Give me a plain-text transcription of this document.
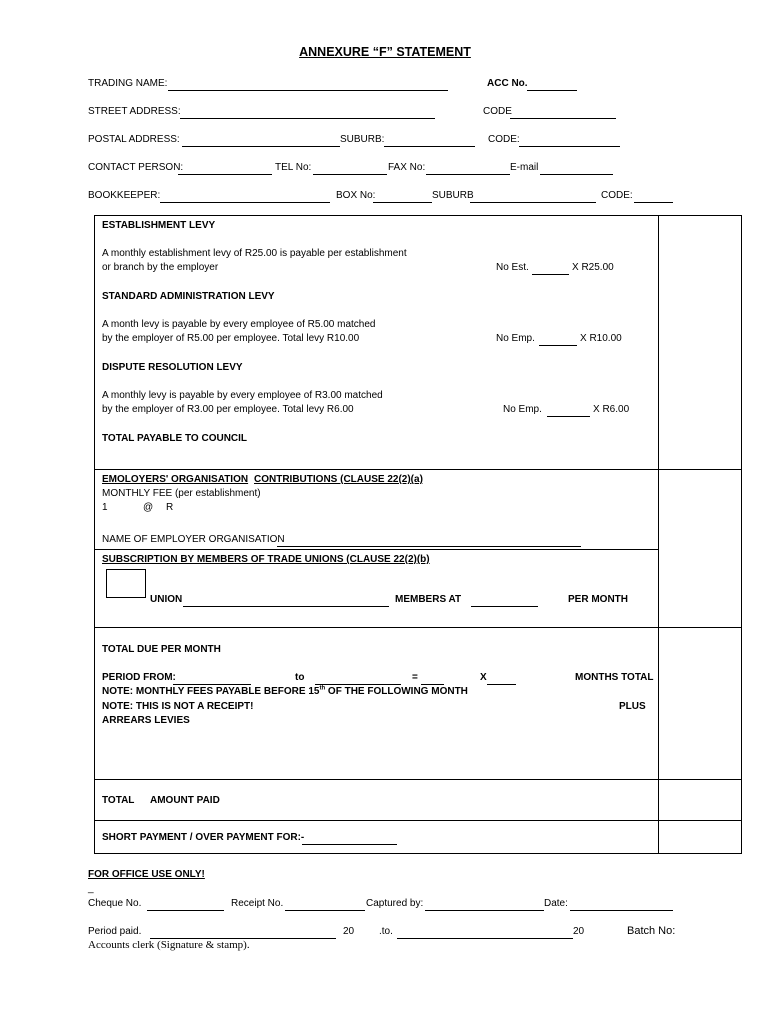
ANNEXURE “F” STATEMENT
TRADING NAME:	ACC No.
STREET ADDRESS:	CODE
POSTAL ADDRESS:	SUBURB:	CODE:
CONTACT PERSON:	TEL No:	FAX No:	E-mail
BOOKKEEPER:	BOX No:	SUBURB	CODE:
ESTABLISHMENT LEVY
A monthly establishment levy of R25.00 is payable per establishment
or branch by the employer	No Est.	X R25.00
STANDARD ADMINISTRATION LEVY
A month levy is payable by every employee of R5.00 matched
by the employer of R5.00 per employee. Total levy R10.00	No Emp.	X R10.00
DISPUTE RESOLUTION LEVY
A monthly levy is payable by every employee of R3.00 matched
by the employer of R3.00 per employee. Total levy R6.00	No Emp.	X R6.00
TOTAL PAYABLE TO COUNCIL
EMOLOYERS' ORGANISATION CONTRIBUTIONS (CLAUSE 22(2)(a)
MONTHLY FEE (per establishment)
1	@ R
NAME OF EMPLOYER ORGANISATION
SUBSCRIPTION BY MEMBERS OF TRADE UNIONS (CLAUSE 22(2)(b)
UNION	MEMBERS AT	PER MONTH
TOTAL DUE PER MONTH
PERIOD FROM:	to	=	X	MONTHS TOTAL
NOTE: MONTHLY FEES PAYABLE BEFORE 15th OF THE FOLLOWING MONTH
NOTE: THIS IS NOT A RECEIPT!	PLUS
ARREARS LEVIES
TOTAL AMOUNT PAID
SHORT PAYMENT / OVER PAYMENT FOR:-
FOR OFFICE USE ONLY!
_
Cheque No.	Receipt No.	Captured by:	Date:
Period paid.	20 .to.	20	Batch No:
Accounts clerk (Signature & stamp).
